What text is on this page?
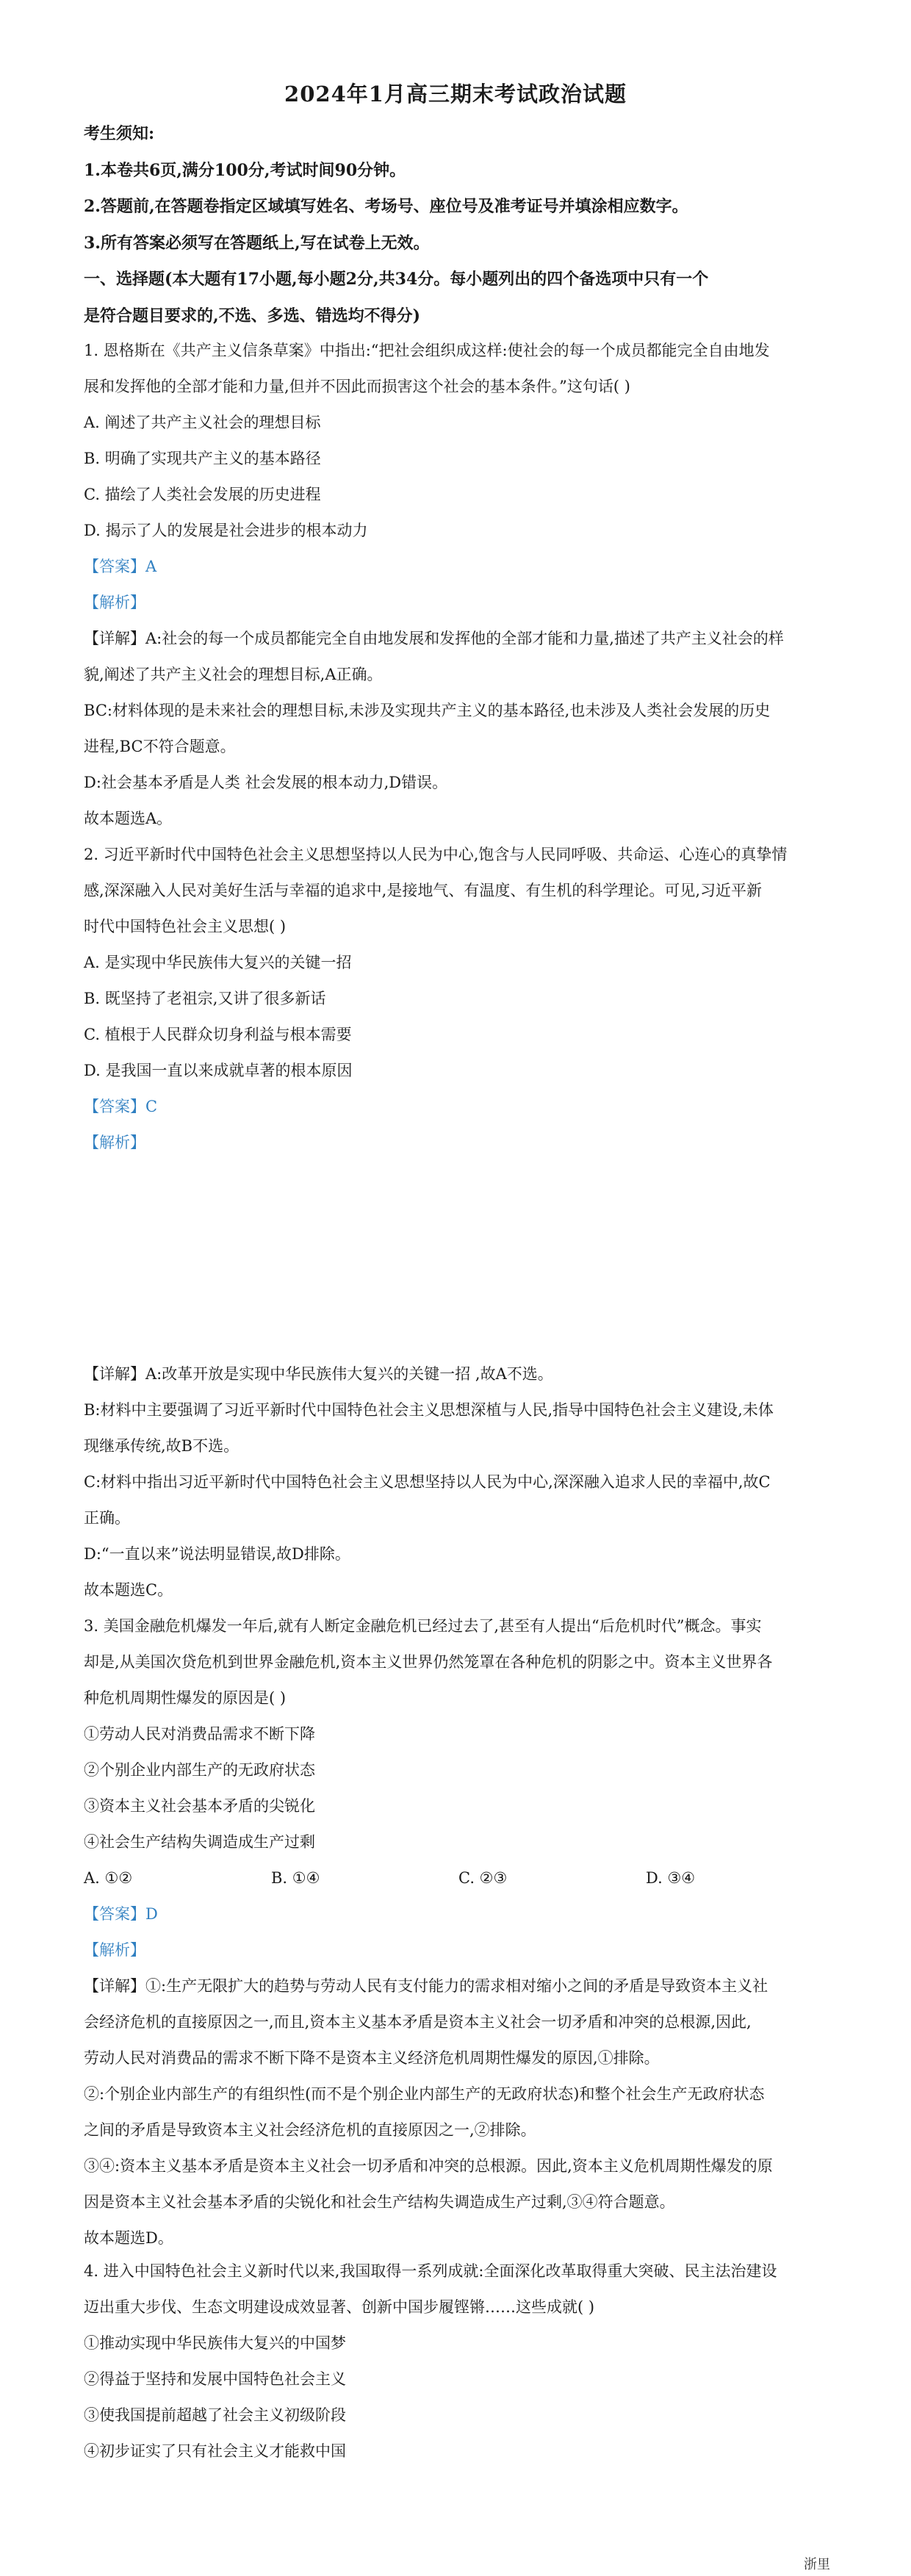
2024年1月高三期末考试政治试题
考生须知:
1.本卷共6页,满分100分,考试时间90分钟。
2.答题前,在答题卷指定区域填写姓名、考场号、座位号及准考证号并填涂相应数字。
3.所有答案必须写在答题纸上,写在试卷上无效。
一、选择题(本大题有17小题,每小题2分,共34分。每小题列出的四个备选项中只有一个
是符合题目要求的,不选、多选、错选均不得分)
1. 恩格斯在《共产主义信条草案》中指出:“把社会组织成这样:使社会的每一个成员都能完全自由地发
展和发挥他的全部才能和力量,但并不因此而损害这个社会的基本条件。”这句话( )
A. 阐述了共产主义社会的理想目标
B. 明确了实现共产主义的基本路径
C. 描绘了人类社会发展的历史进程
D. 揭示了人的发展是社会进步的根本动力
【答案】A
【解析】
【详解】A:社会的每一个成员都能完全自由地发展和发挥他的全部才能和力量,描述了共产主义社会的样
貌,阐述了共产主义社会的理想目标,A正确。
BC:材料体现的是未来社会的理想目标,未涉及实现共产主义的基本路径,也未涉及人类社会发展的历史
进程,BC不符合题意。
D:社会基本矛盾是人类 社会发展的根本动力,D错误。
故本题选A。
2. 习近平新时代中国特色社会主义思想坚持以人民为中心,饱含与人民同呼吸、共命运、心连心的真挚情
感,深深融入人民对美好生活与幸福的追求中,是接地气、有温度、有生机的科学理论。可见,习近平新
时代中国特色社会主义思想( )
A. 是实现中华民族伟大复兴的关键一招
B. 既坚持了老祖宗,又讲了很多新话
C. 植根于人民群众切身利益与根本需要
D. 是我国一直以来成就卓著的根本原因
【答案】C
【解析】
【详解】A:改革开放是实现中华民族伟大复兴的关键一招 ,故A不选。
B:材料中主要强调了习近平新时代中国特色社会主义思想深植与人民,指导中国特色社会主义建设,未体
现继承传统,故B不选。
C:材料中指出习近平新时代中国特色社会主义思想坚持以人民为中心,深深融入追求人民的幸福中,故C
正确。
D:“一直以来”说法明显错误,故D排除。
故本题选C。
3. 美国金融危机爆发一年后,就有人断定金融危机已经过去了,甚至有人提出“后危机时代”概念。事实
却是,从美国次贷危机到世界金融危机,资本主义世界仍然笼罩在各种危机的阴影之中。资本主义世界各
种危机周期性爆发的原因是( )
①劳动人民对消费品需求不断下降
②个别企业内部生产的无政府状态
③资本主义社会基本矛盾的尖锐化
④社会生产结构失调造成生产过剩
A. ①②	B. ①④	C. ②③	D. ③④
【答案】D
【解析】
【详解】①:生产无限扩大的趋势与劳动人民有支付能力的需求相对缩小之间的矛盾是导致资本主义社
会经济危机的直接原因之一,而且,资本主义基本矛盾是资本主义社会一切矛盾和冲突的总根源,因此,
劳动人民对消费品的需求不断下降不是资本主义经济危机周期性爆发的原因,①排除。
②:个别企业内部生产的有组织性(而不是个别企业内部生产的无政府状态)和整个社会生产无政府状态
之间的矛盾是导致资本主义社会经济危机的直接原因之一,②排除。
③④:资本主义基本矛盾是资本主义社会一切矛盾和冲突的总根源。因此,资本主义危机周期性爆发的原
因是资本主义社会基本矛盾的尖锐化和社会生产结构失调造成生产过剩,③④符合题意。
故本题选D。
4. 进入中国特色社会主义新时代以来,我国取得一系列成就:全面深化改革取得重大突破、民主法治建设
迈出重大步伐、生态文明建设成效显著、创新中国步履铿锵……这些成就( )
①推动实现中华民族伟大复兴的中国梦
②得益于坚持和发展中国特色社会主义
③使我国提前超越了社会主义初级阶段
④初步证实了只有社会主义才能救中国
浙里
